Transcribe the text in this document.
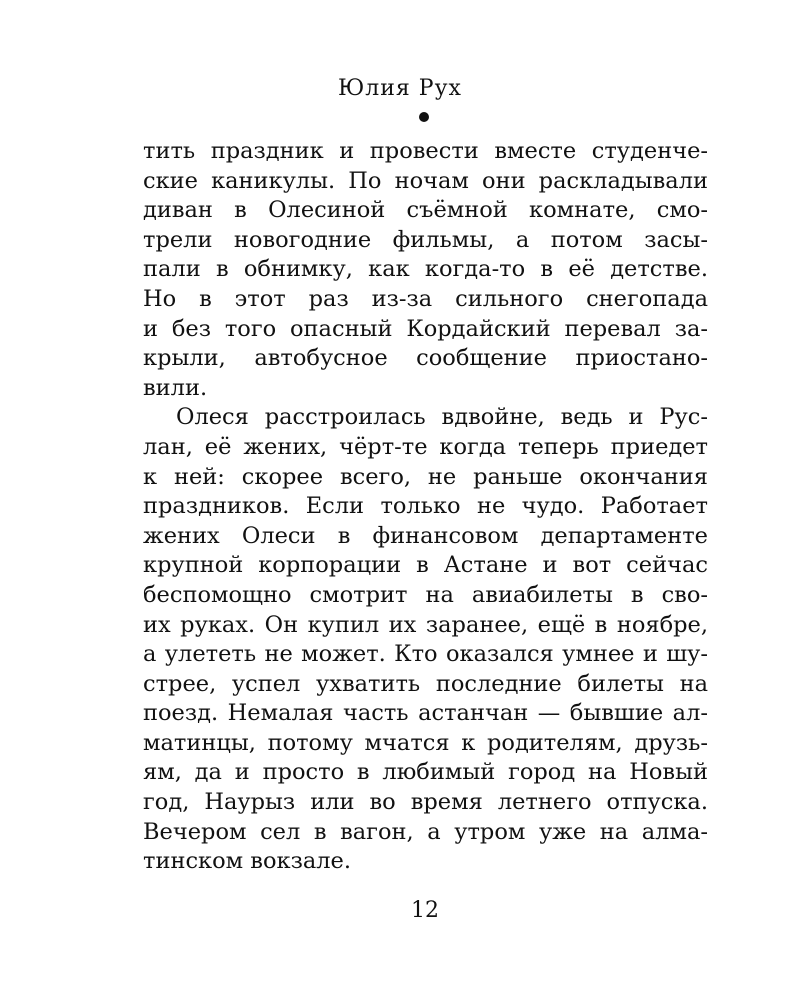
Юлия Рух
тить праздник и провести вместе студенче-
ские каникулы. По ночам они раскладывали
диван в Олесиной съёмной комнате, смо-
трели новогодние фильмы, а потом засы-
пали в обнимку, как когда-то в её детстве.
Но в этот раз из-за сильного снегопада
и без того опасный Кордайский перевал за-
крыли, автобусное сообщение приостано-
вили.
Олеся расстроилась вдвойне, ведь и Рус-
лан, её жених, чёрт-те когда теперь приедет
к ней: скорее всего, не раньше окончания
праздников. Если только не чудо. Работает
жених Олеси в финансовом департаменте
крупной корпорации в Астане и вот сейчас
беспомощно смотрит на авиабилеты в сво-
их руках. Он купил их заранее, ещё в ноябре,
а улететь не может. Кто оказался умнее и шу-
стрее, успел ухватить последние билеты на
поезд. Немалая часть астанчан — бывшие ал-
матинцы, потому мчатся к родителям, друзь-
ям, да и просто в любимый город на Новый
год, Наурыз или во время летнего отпуска.
Вечером сел в вагон, а утром уже на алма-
тинском вокзале.
12
